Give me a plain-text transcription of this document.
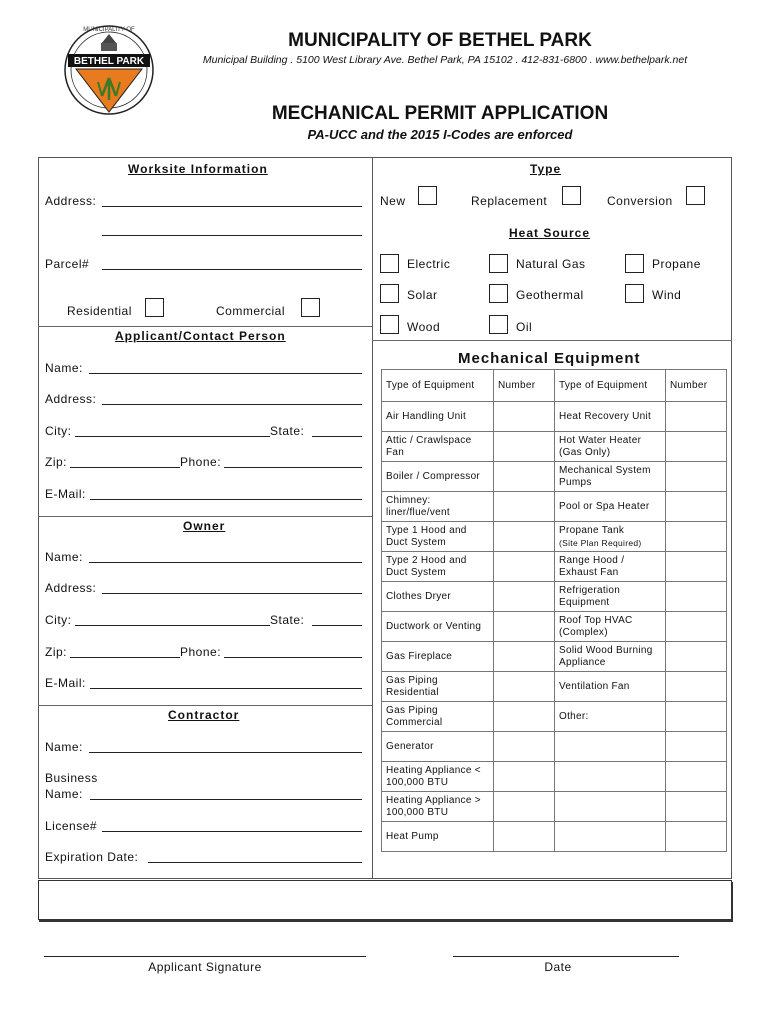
BETHEL PARK
MUNICIPALITY OF	MUNICIPALITY OF BETHEL PARK
Municipal Building . 5100 West Library Ave. Bethel Park, PA 15102 . 412-831-6800 . www.bethelpark.net
MECHANICAL PERMIT APPLICATION
PA-UCC and the 2015 I-Codes are enforced
Worksite Information
Address:
Parcel#
Residential	Commercial
Applicant/Contact Person
Name:
Address:
City:	State:
Zip:	Phone:
E-Mail:
Owner
Name:
Address:
City:	State:
Zip:	Phone:
E-Mail:
Contractor
Name:
Business
Name:
License#
Expiration Date:
Type
New	Replacement	Conversion
Heat Source
Electric	Natural Gas	Propane
Solar	Geothermal	Wind
Wood	Oil
Mechanical Equipment
Type of Equipment	Number	Type of Equipment	Number
Air Handling Unit		Heat Recovery Unit	
Attic / Crawlspace Fan		Hot Water Heater (Gas Only)	
Boiler / Compressor		Mechanical System Pumps	
Chimney: liner/flue/vent		Pool or Spa Heater	
Type 1 Hood and Duct System		Propane Tank
(Site Plan Required)	

Type 2 Hood and Duct System		Range Hood / Exhaust Fan	
Clothes Dryer		Refrigeration Equipment	
Ductwork or Venting		Roof Top HVAC (Complex)	
Gas Fireplace		Solid Wood Burning Appliance	
Gas Piping Residential		Ventilation Fan	
Gas Piping Commercial		Other:	
Generator			
Heating Appliance < 100,000 BTU			
Heating Appliance > 100,000 BTU			
Heat Pump			
Applicant Signature	Date
